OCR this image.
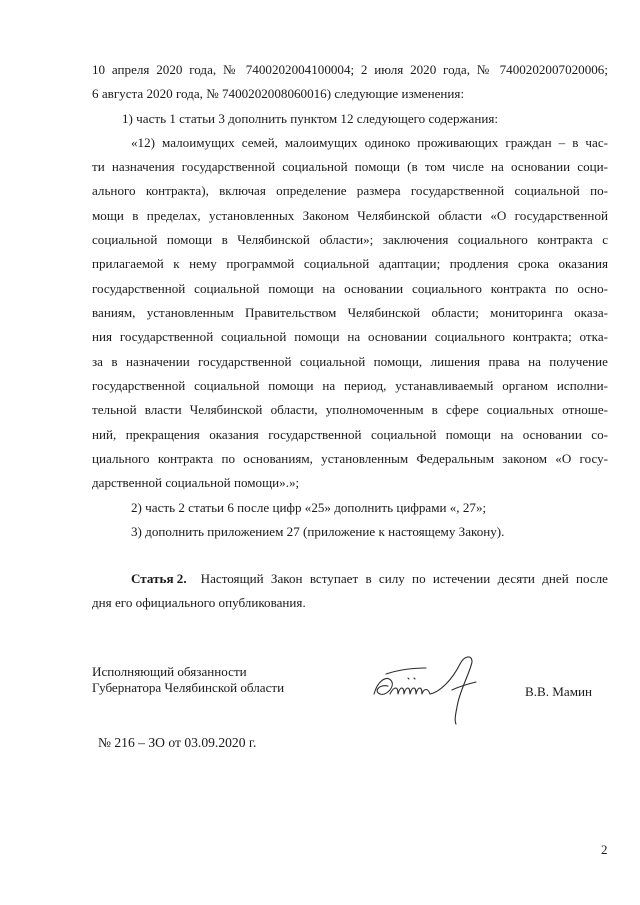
10 апреля 2020 года, № 7400202004100004; 2 июля 2020 года, № 7400202007020006;
6 августа 2020 года, № 7400202008060016) следующие изменения:
1) часть 1 статьи 3 дополнить пунктом 12 следующего содержания:
«12) малоимущих семей, малоимущих одиноко проживающих граждан – в час-
ти назначения государственной социальной помощи (в том числе на основании соци-
ального контракта), включая определение размера государственной социальной по-
мощи в пределах, установленных Законом Челябинской области «О государственной
социальной помощи в Челябинской области»; заключения социального контракта с
прилагаемой к нему программой социальной адаптации; продления срока оказания
государственной социальной помощи на основании социального контракта по осно-
ваниям, установленным Правительством Челябинской области; мониторинга оказа-
ния государственной социальной помощи на основании социального контракта; отка-
за в назначении государственной социальной помощи, лишения права на получение
государственной социальной помощи на период, устанавливаемый органом исполни-
тельной власти Челябинской области, уполномоченным в сфере социальных отноше-
ний, прекращения оказания государственной социальной помощи на основании со-
циального контракта по основаниям, установленным Федеральным законом «О госу-
дарственной социальной помощи».»;
2) часть 2 статьи 6 после цифр «25» дополнить цифрами «, 27»;
3) дополнить приложением 27 (приложение к настоящему Закону).
Статья 2. Настоящий Закон вступает в силу по истечении десяти дней после
дня его официального опубликования.
Исполняющий обязанности
Губернатора Челябинской области	В.В. Мамин
№ 216 – ЗО от 03.09.2020 г.
2
